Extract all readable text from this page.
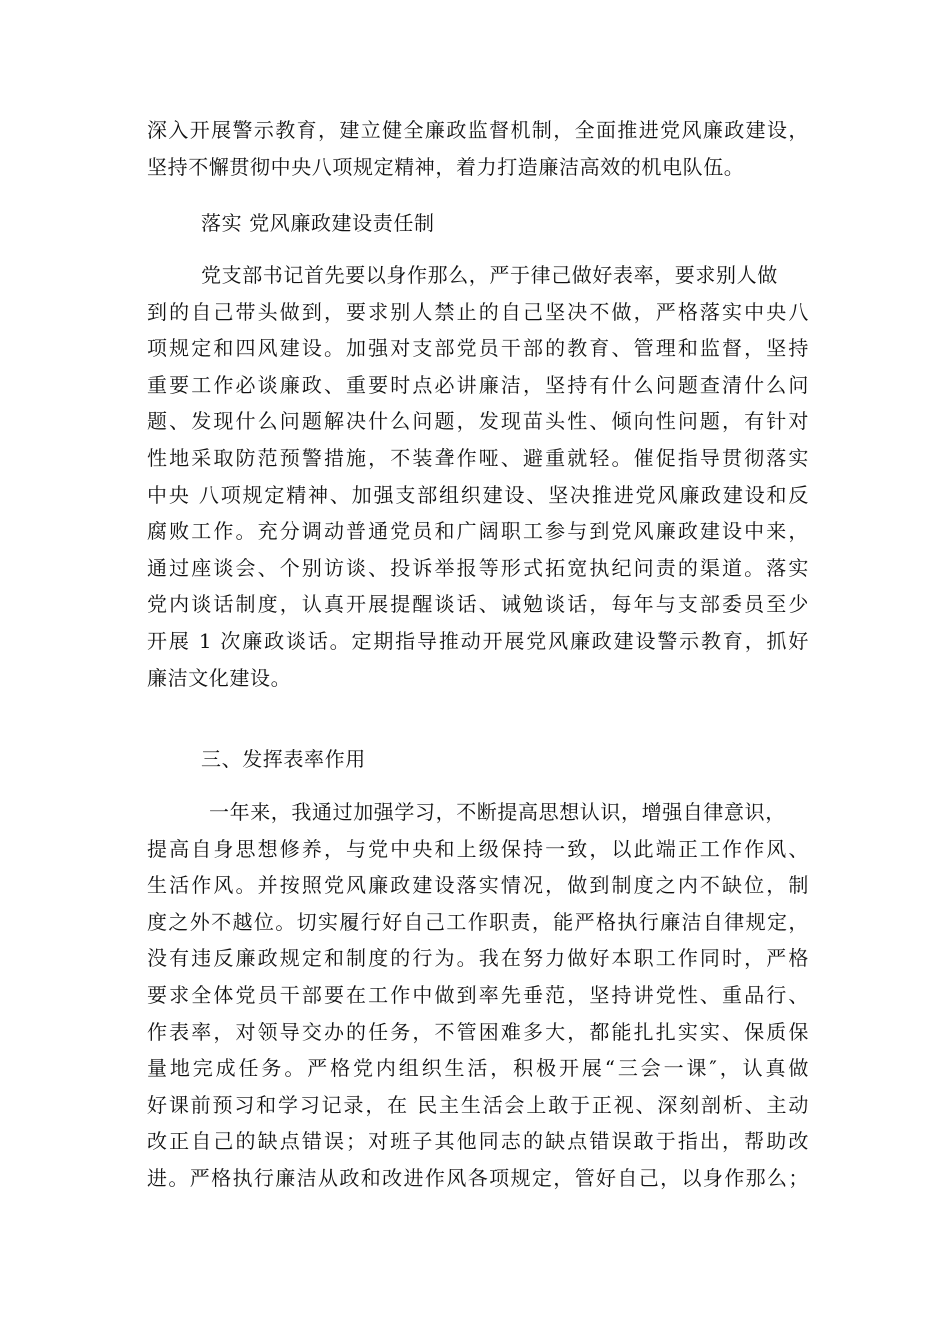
深入开展警示教育，建立健全廉政监督机制，全面推进党风廉政建设，
坚持不懈贯彻中央八项规定精神，着力打造廉洁高效的机电队伍。
落实 党风廉政建设责任制
党支部书记首先要以身作那么，严于律己做好表率，要求别人做
到的自己带头做到，要求别人禁止的自己坚决不做，严格落实中央八
项规定和四风建设。加强对支部党员干部的教育、管理和监督，坚持
重要工作必谈廉政、重要时点必讲廉洁，坚持有什么问题查清什么问
题、发现什么问题解决什么问题，发现苗头性、倾向性问题，有针对
性地采取防范预警措施，不装聋作哑、避重就轻。催促指导贯彻落实
中央 八项规定精神、加强支部组织建设、坚决推进党风廉政建设和反
腐败工作。充分调动普通党员和广阔职工参与到党风廉政建设中来，
通过座谈会、个别访谈、投诉举报等形式拓宽执纪问责的渠道。落实
党内谈话制度，认真开展提醒谈话、诫勉谈话，每年与支部委员至少
开展 1 次廉政谈话。定期指导推动开展党风廉政建设警示教育，抓好
廉洁文化建设。
三、发挥表率作用
一年来，我通过加强学习，不断提高思想认识，增强自律意识，
提高自身思想修养，与党中央和上级保持一致，以此端正工作作风、
生活作风。并按照党风廉政建设落实情况，做到制度之内不缺位，制
度之外不越位。切实履行好自己工作职责，能严格执行廉洁自律规定，
没有违反廉政规定和制度的行为。我在努力做好本职工作同时，严格
要求全体党员干部要在工作中做到率先垂范，坚持讲党性、重品行、
作表率，对领导交办的任务，不管困难多大，都能扎扎实实、保质保
量地完成任务。严格党内组织生活，积极开展“三会一课″，认真做
好课前预习和学习记录，在 民主生活会上敢于正视、深刻剖析、主动
改正自己的缺点错误；对班子其他同志的缺点错误敢于指出，帮助改
进。严格执行廉洁从政和改进作风各项规定，管好自己，以身作那么；
